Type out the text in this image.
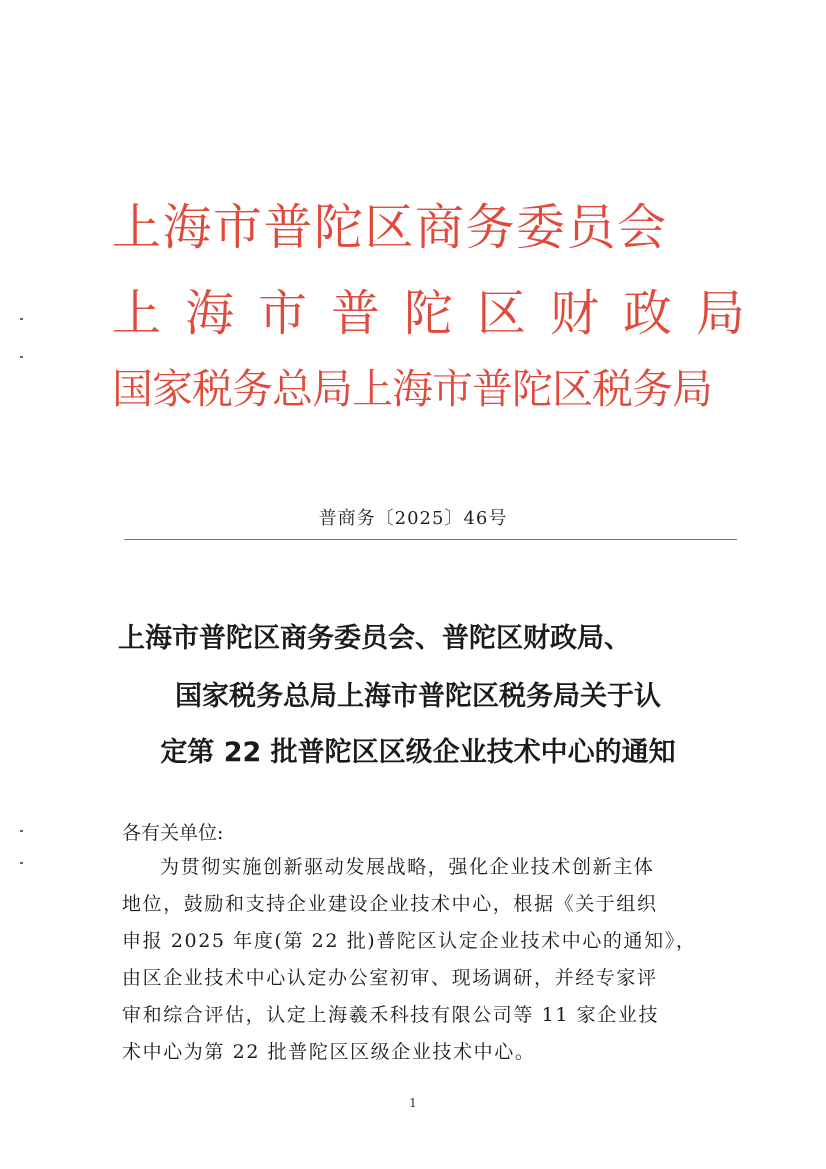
上海市普陀区商务委员会
上海市普陀区财政局
国家税务总局上海市普陀区税务局
普商务〔2025〕46号
上海市普陀区商务委员会、普陀区财政局、
国家税务总局上海市普陀区税务局关于认
定第 22 批普陀区区级企业技术中心的通知
各有关单位:
为贯彻实施创新驱动发展战略，强化企业技术创新主体
地位，鼓励和支持企业建设企业技术中心，根据《关于组织
申报 2025 年度(第 22 批)普陀区认定企业技术中心的通知》，
由区企业技术中心认定办公室初审、现场调研，并经专家评
审和综合评估，认定上海羲禾科技有限公司等 11 家企业技
术中心为第 22 批普陀区区级企业技术中心。
1
